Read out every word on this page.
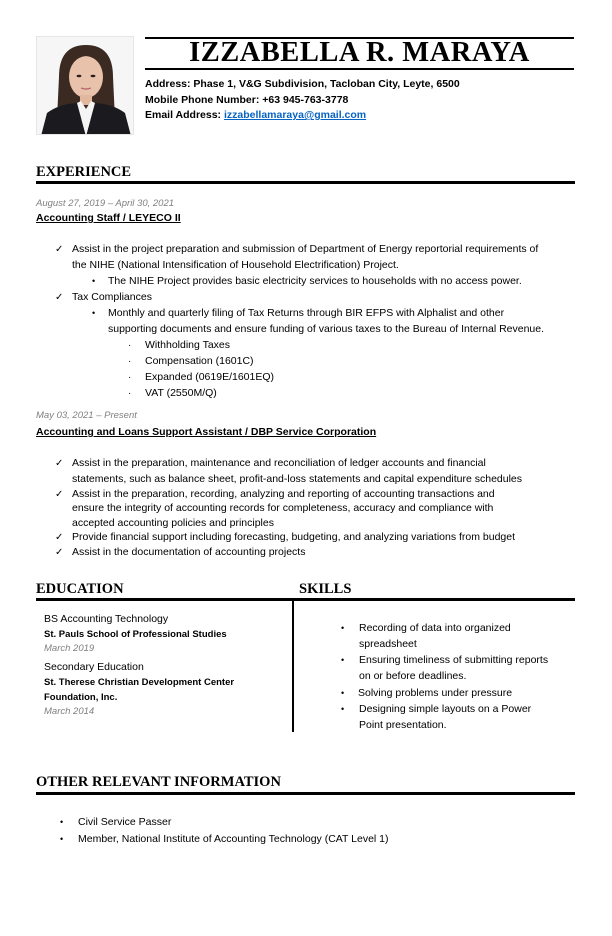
IZZABELLA R. MARAYA
Address: Phase 1, V&G Subdivision, Tacloban City, Leyte, 6500
Mobile Phone Number: +63 945-763-3778
Email Address: izzabellamaraya@gmail.com
EXPERIENCE
August 27, 2019 – April 30, 2021
Accounting Staff / LEYECO II
✓ Assist in the project preparation and submission of Department of Energy reportorial requirements of
the NIHE (National Intensification of Household Electrification) Project.
• The NIHE Project provides basic electricity services to households with no access power.
✓ Tax Compliances
• Monthly and quarterly filing of Tax Returns through BIR EFPS with Alphalist and other
supporting documents and ensure funding of various taxes to the Bureau of Internal Revenue.
· Withholding Taxes
· Compensation (1601C)
· Expanded (0619E/1601EQ)
· VAT (2550M/Q)
May 03, 2021 – Present
Accounting and Loans Support Assistant / DBP Service Corporation
✓ Assist in the preparation, maintenance and reconciliation of ledger accounts and financial
statements, such as balance sheet, profit-and-loss statements and capital expenditure schedules
✓ Assist in the preparation, recording, analyzing and reporting of accounting transactions and
ensure the integrity of accounting records for completeness, accuracy and compliance with
accepted accounting policies and principles
✓ Provide financial support including forecasting, budgeting, and analyzing variations from budget
✓ Assist in the documentation of accounting projects
EDUCATION	SKILLS
BS Accounting Technology
St. Pauls School of Professional Studies
March 2019
Secondary Education
St. Therese Christian Development Center
Foundation, Inc.
March 2014
• Recording of data into organized
spreadsheet
• Ensuring timeliness of submitting reports
on or before deadlines.
• Solving problems under pressure
• Designing simple layouts on a Power
Point presentation.
OTHER RELEVANT INFORMATION
• Civil Service Passer
• Member, National Institute of Accounting Technology (CAT Level 1)
